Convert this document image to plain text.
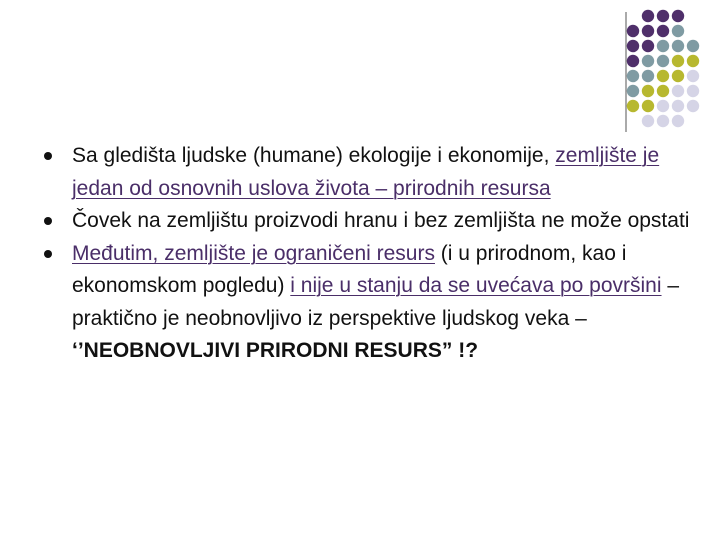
Sa gledišta ljudske (humane) ekologije i ekonomije, zemljište je jedan od osnovnih uslova života – prirodnih resursa

Čovek na zemljištu proizvodi hranu i bez zemljišta ne može opstati

Međutim, zemljište je ograničeni resurs (i u prirodnom, kao i ekonomskom pogledu) i nije u stanju da se uvećava po površini – praktično je neobnovljivo iz perspektive ljudskog veka – ‘’NEOBNOVLJIVI PRIRODNI RESURS” !?
